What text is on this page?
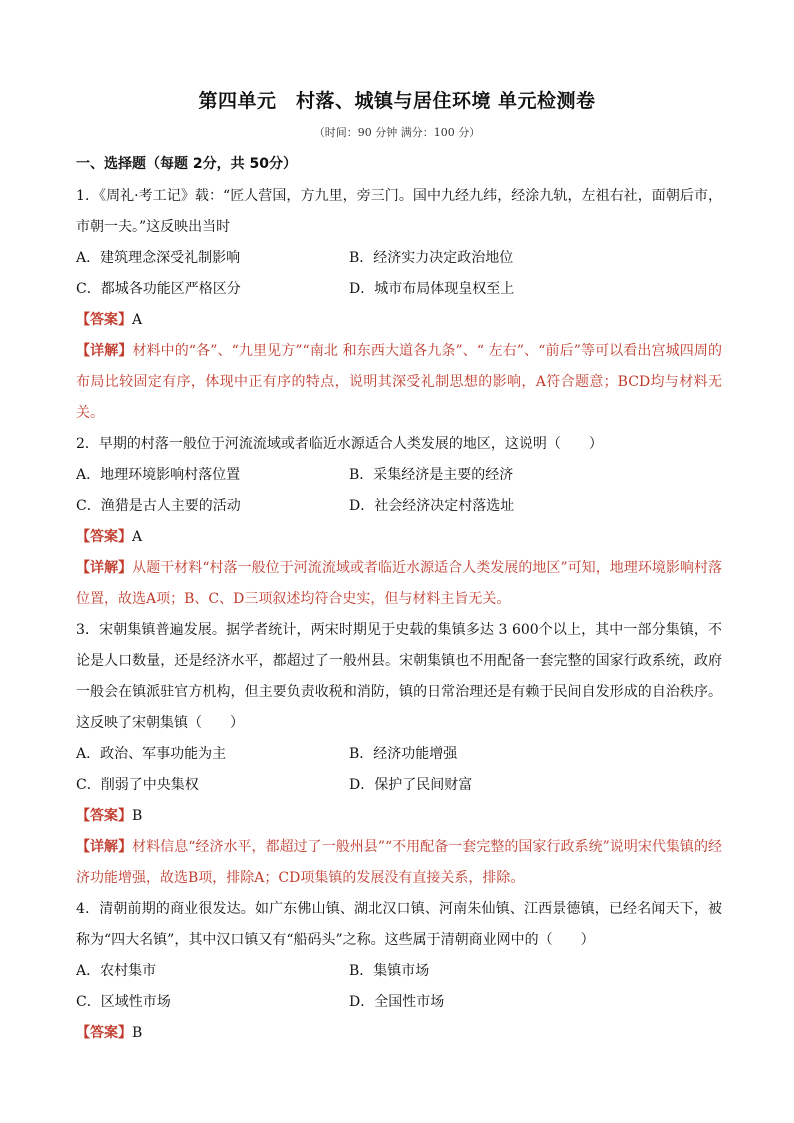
第四单元　村落、城镇与居住环境 单元检测卷
（时间：90 分钟 满分：100 分）
一、选择题（每题 2分，共 50分）

1．《周礼·考工记》载：“匠人营国，方九里，旁三门。国中九经九纬，经涂九轨，左祖右社，面朝后市，市朝一夫。”这反映出当时

A．建筑理念深受礼制影响	B．经济实力决定政治地位
C．都城各功能区严格区分	D．城市布局体现皇权至上
【答案】A

【详解】材料中的“各”、“九里见方”“南北 和东西大道各九条”、“ 左右”、“前后”等可以看出宫城四周的布局比较固定有序，体现中正有序的特点，说明其深受礼制思想的影响，A符合题意；BCD均与材料无关。

2．早期的村落一般位于河流流域或者临近水源适合人类发展的地区，这说明（　　）

A．地理环境影响村落位置	B．采集经济是主要的经济
C．渔猎是古人主要的活动	D．社会经济决定村落选址
【答案】A

【详解】从题干材料“村落一般位于河流流域或者临近水源适合人类发展的地区”可知，地理环境影响村落位置，故选A项；B、C、D三项叙述均符合史实，但与材料主旨无关。

3．宋朝集镇普遍发展。据学者统计，两宋时期见于史载的集镇多达 3 600个以上，其中一部分集镇，不论是人口数量，还是经济水平，都超过了一般州县。宋朝集镇也不用配备一套完整的国家行政系统，政府一般会在镇派驻官方机构，但主要负责收税和消防，镇的日常治理还是有赖于民间自发形成的自治秩序。这反映了宋朝集镇（　　）

A．政治、军事功能为主	B．经济功能增强
C．削弱了中央集权	D．保护了民间财富
【答案】B

【详解】材料信息“经济水平，都超过了一般州县”“不用配备一套完整的国家行政系统”说明宋代集镇的经济功能增强，故选B项，排除A；CD项集镇的发展没有直接关系，排除。

4．清朝前期的商业很发达。如广东佛山镇、湖北汉口镇、河南朱仙镇、江西景德镇，已经名闻天下，被称为“四大名镇”，其中汉口镇又有“船码头”之称。这些属于清朝商业网中的（　　）

A．农村集市	B．集镇市场
C．区域性市场	D．全国性市场
【答案】B
